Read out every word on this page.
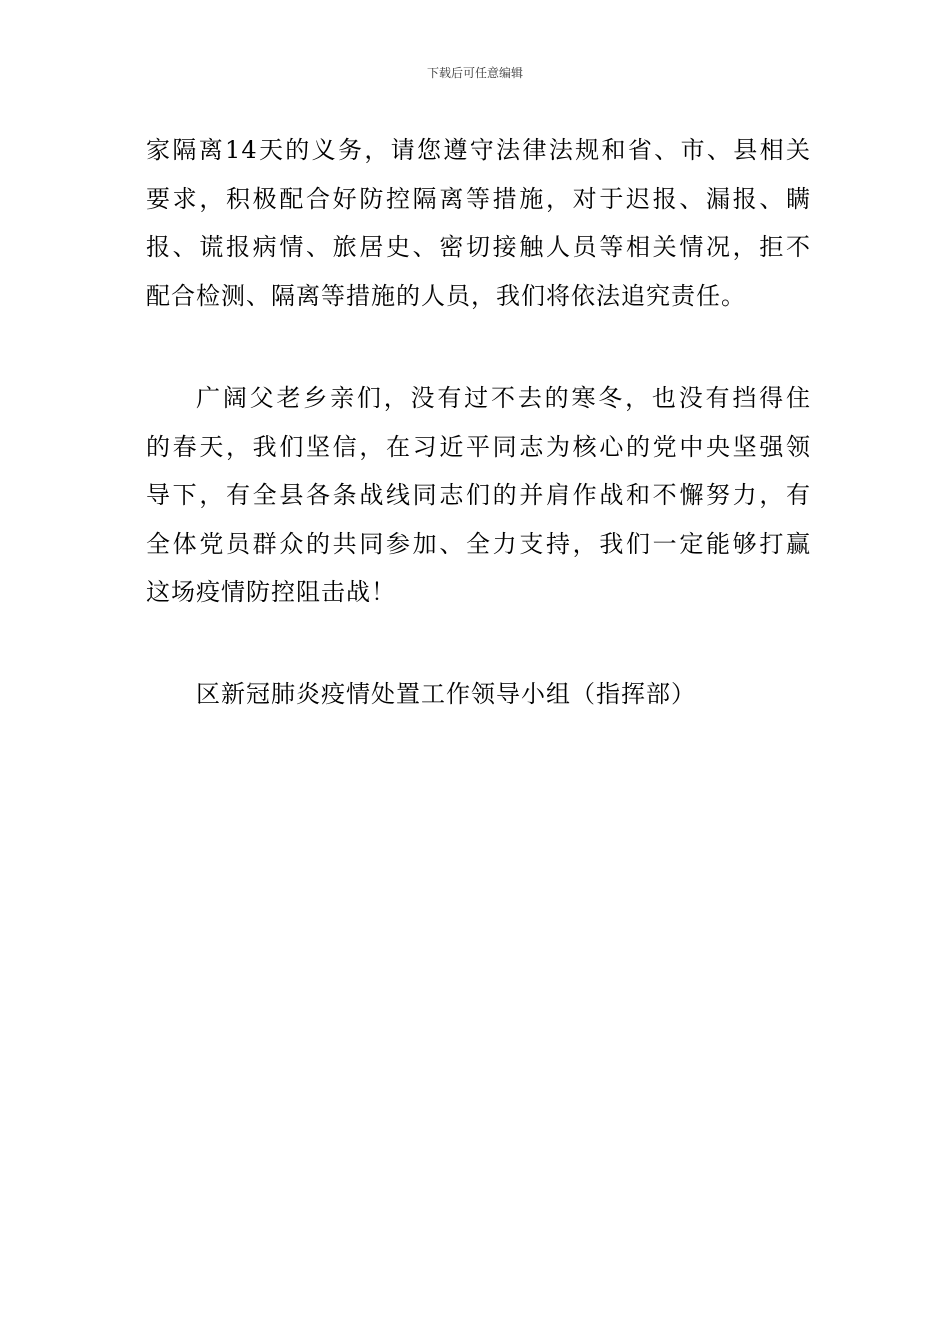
下载后可任意编辑
家隔离14天的义务，请您遵守法律法规和省、市、县相关
要求，积极配合好防控隔离等措施，对于迟报、漏报、瞒
报、谎报病情、旅居史、密切接触人员等相关情况，拒不
配合检测、隔离等措施的人员，我们将依法追究责任。
广阔父老乡亲们，没有过不去的寒冬，也没有挡得住
的春天，我们坚信，在习近平同志为核心的党中央坚强领
导下，有全县各条战线同志们的并肩作战和不懈努力，有
全体党员群众的共同参加、全力支持，我们一定能够打赢
这场疫情防控阻击战！
区新冠肺炎疫情处置工作领导小组（指挥部）
